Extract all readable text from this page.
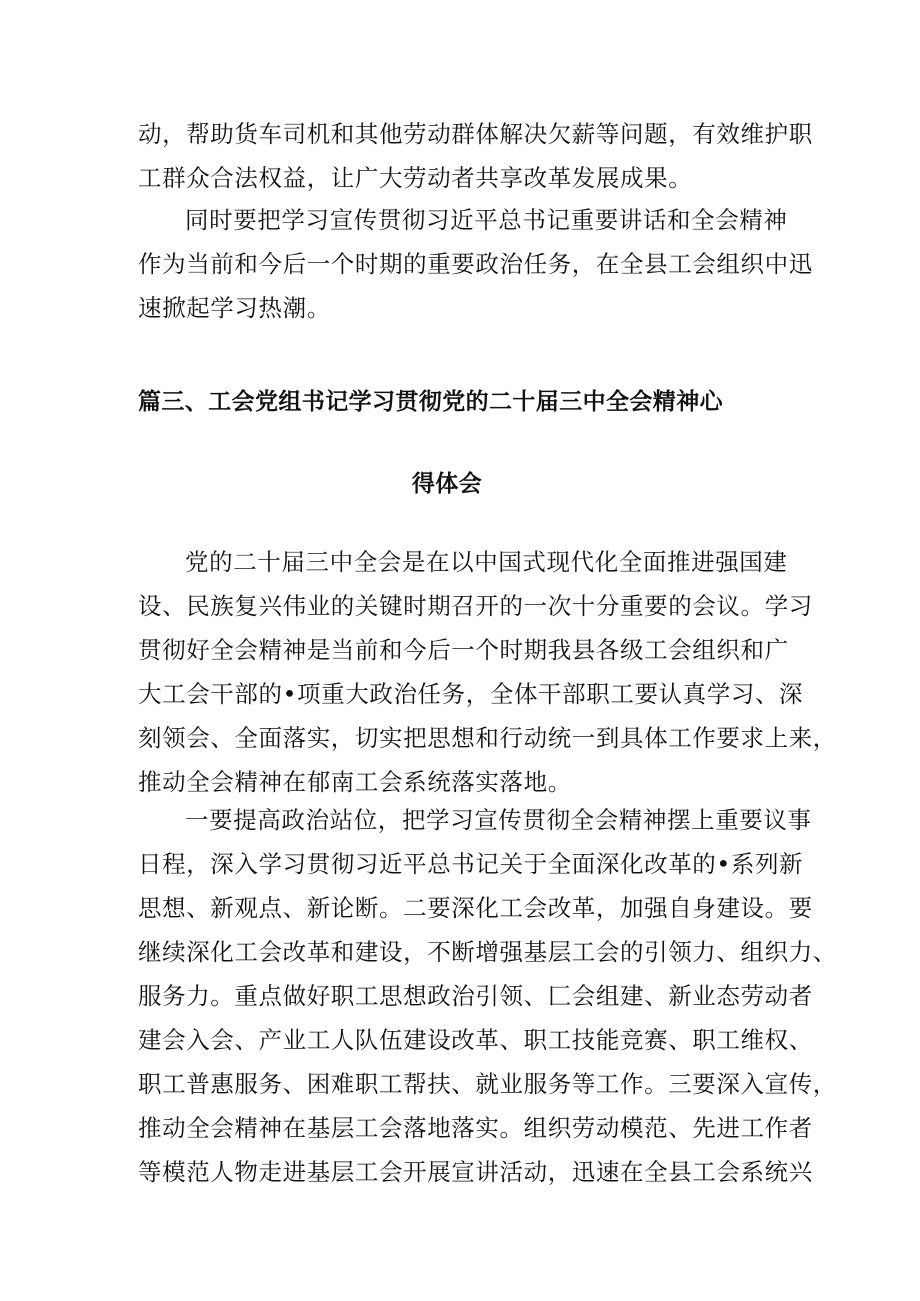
动，帮助货车司机和其他劳动群体解决欠薪等问题，有效维护职
工群众合法权益，让广大劳动者共享改革发展成果。
同时要把学习宣传贯彻习近平总书记重要讲话和全会精神
作为当前和今后一个时期的重要政治任务，在全县工会组织中迅
速掀起学习热潮。
篇三、工会党组书记学习贯彻党的二十届三中全会精神心
得体会
党的二十届三中全会是在以中国式现代化全面推进强国建
设、民族复兴伟业的关键时期召开的一次十分重要的会议。学习
贯彻好全会精神是当前和今后一个时期我县各级工会组织和广
大工会干部的•项重大政治任务，全体干部职工要认真学习、深
刻领会、全面落实，切实把思想和行动统一到具体工作要求上来，
推动全会精神在郁南工会系统落实落地。
一要提高政治站位，把学习宣传贯彻全会精神摆上重要议事
日程，深入学习贯彻习近平总书记关于全面深化改革的•系列新
思想、新观点、新论断。二要深化工会改革，加强自身建设。要
继续深化工会改革和建设，不断增强基层工会的引领力、组织力、
服务力。重点做好职工思想政治引领、匚会组建、新业态劳动者
建会入会、产业工人队伍建设改革、职工技能竞赛、职工维权、
职工普惠服务、困难职工帮扶、就业服务等工作。三要深入宣传，
推动全会精神在基层工会落地落实。组织劳动模范、先进工作者
等模范人物走进基层工会开展宣讲活动，迅速在全县工会系统兴
